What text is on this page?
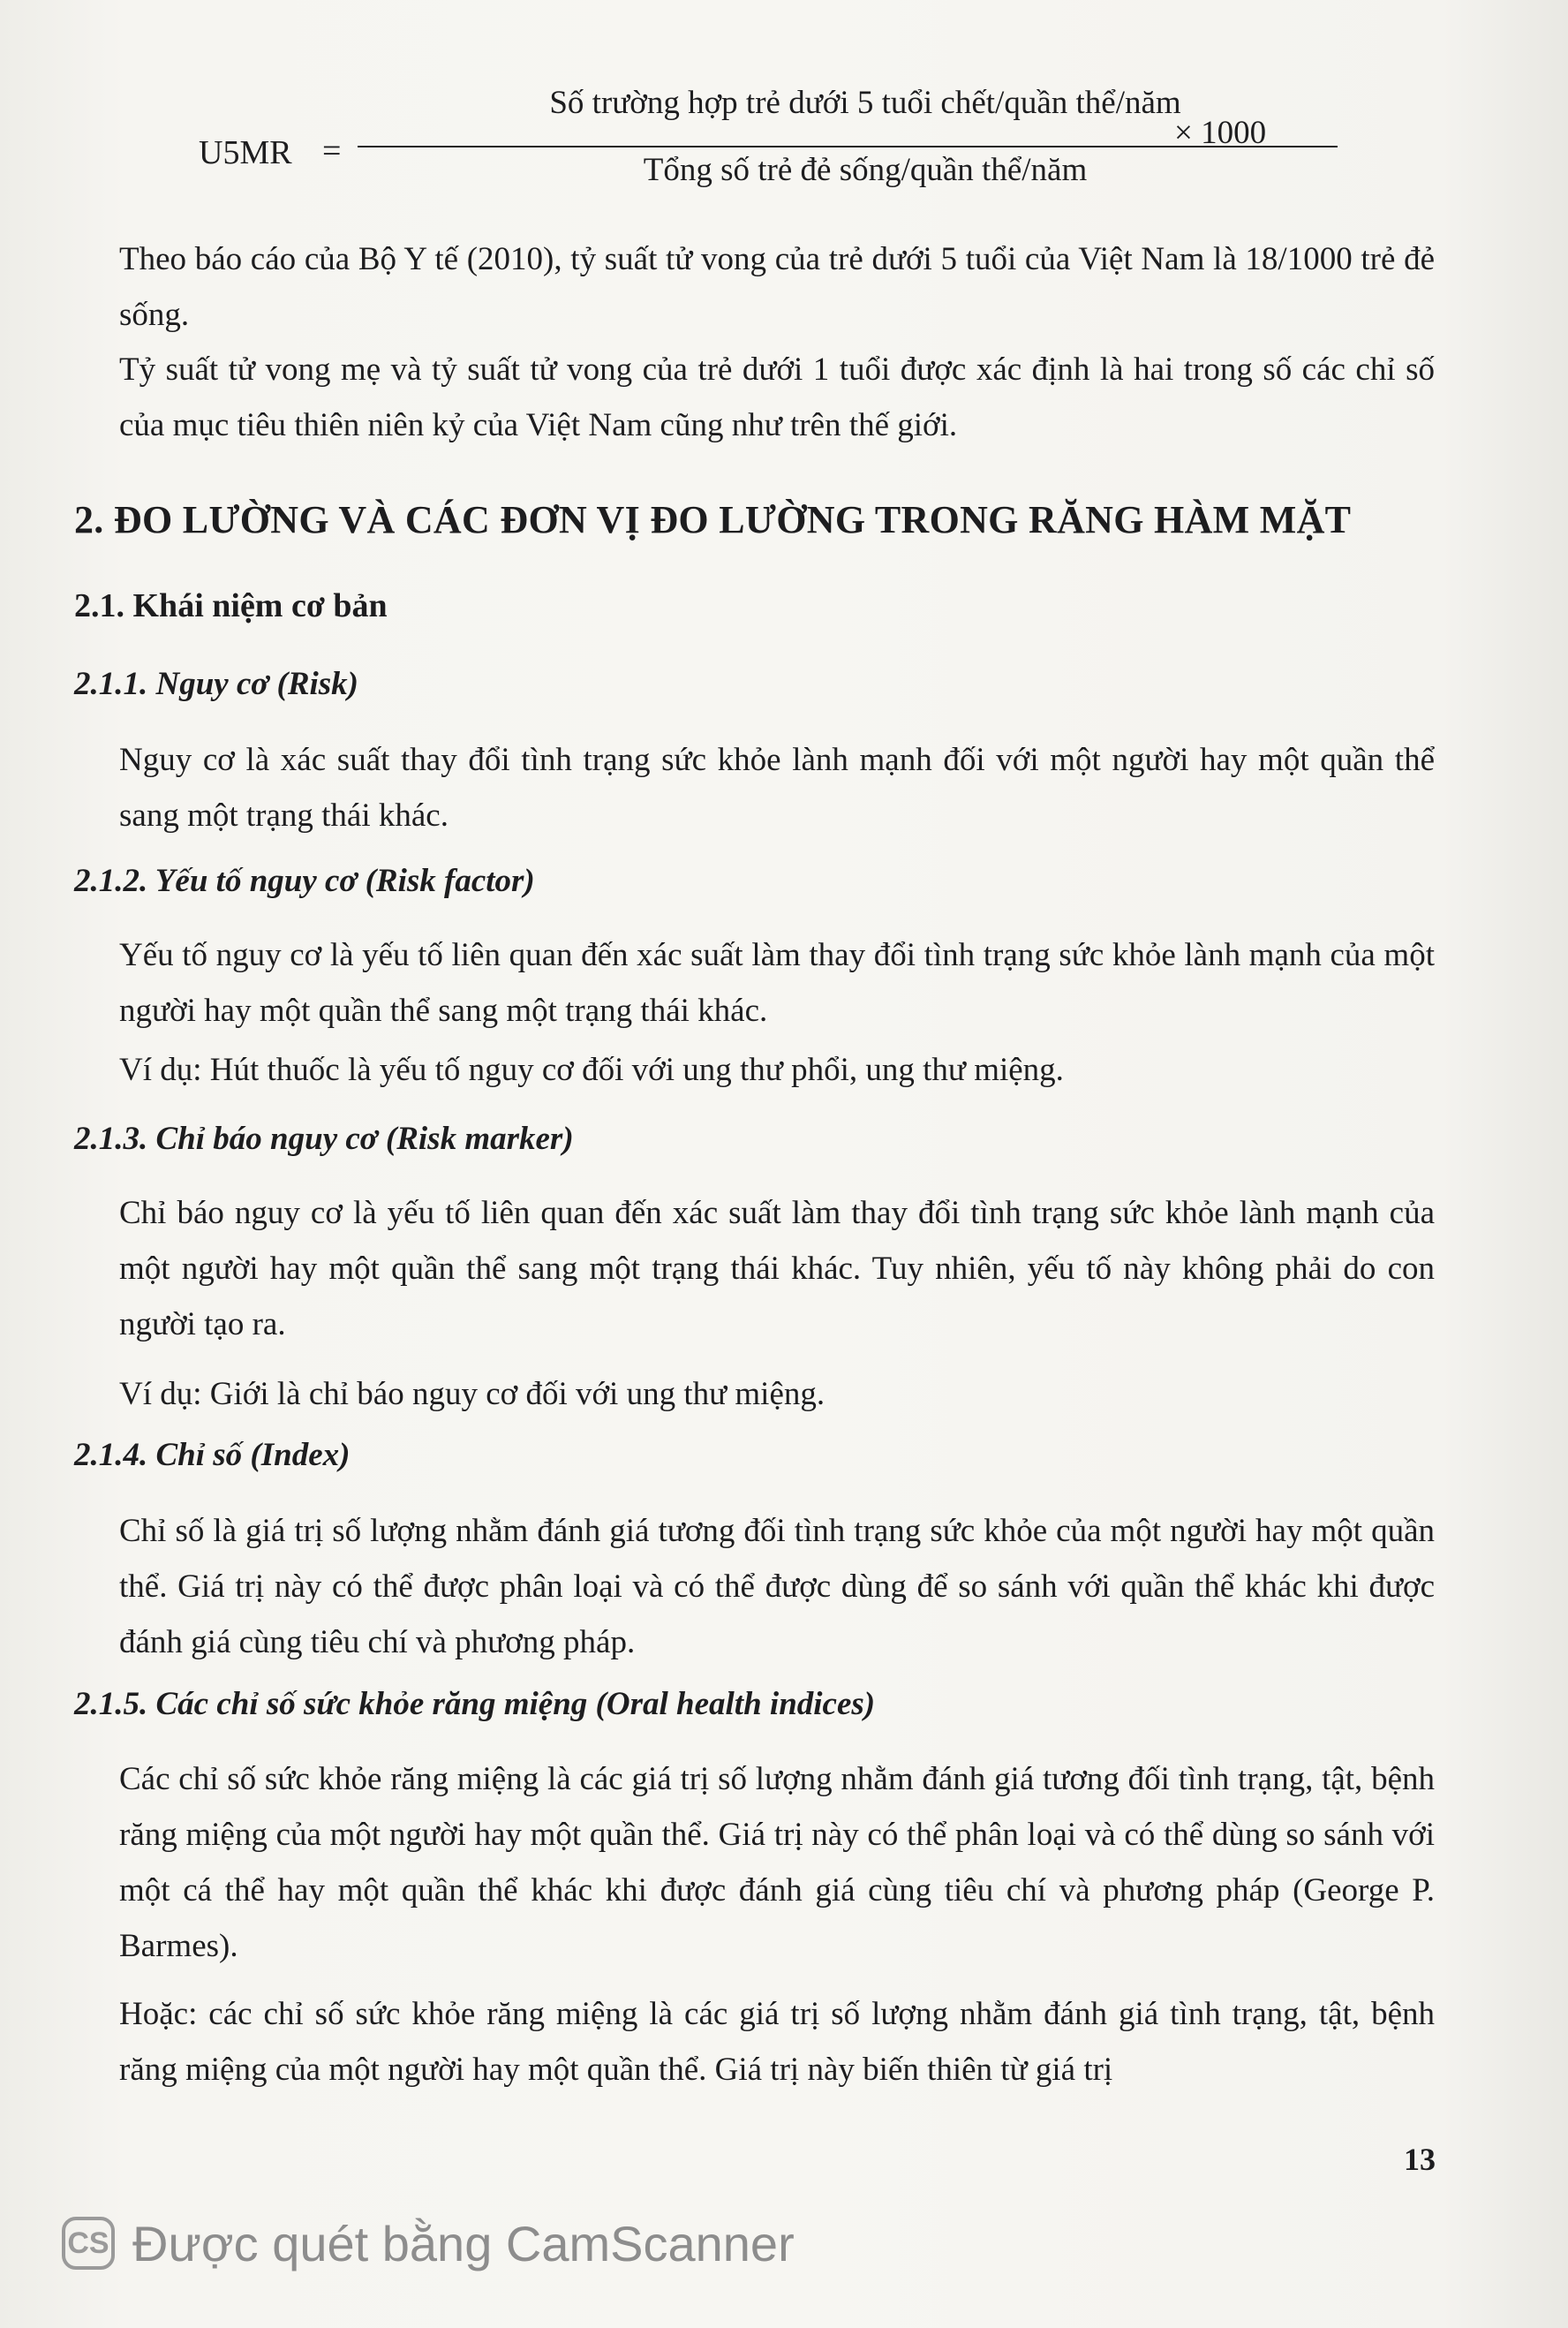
U5MR =
Số trường hợp trẻ dưới 5 tuổi chết/quần thể/năm
Tổng số trẻ đẻ sống/quần thể/năm
× 1000

Theo báo cáo của Bộ Y tế (2010), tỷ suất tử vong của trẻ dưới 5 tuổi của Việt Nam là 18/1000 trẻ đẻ sống.

Tỷ suất tử vong mẹ và tỷ suất tử vong của trẻ dưới 1 tuổi được xác định là hai trong số các chỉ số của mục tiêu thiên niên kỷ của Việt Nam cũng như trên thế giới.

2. ĐO LƯỜNG VÀ CÁC ĐƠN VỊ ĐO LƯỜNG TRONG RĂNG HÀM MẶT
2.1. Khái niệm cơ bản
2.1.1. Nguy cơ (Risk)

Nguy cơ là xác suất thay đổi tình trạng sức khỏe lành mạnh đối với một người hay một quần thể sang một trạng thái khác.

2.1.2. Yếu tố nguy cơ (Risk factor)

Yếu tố nguy cơ là yếu tố liên quan đến xác suất làm thay đổi tình trạng sức khỏe lành mạnh của một người hay một quần thể sang một trạng thái khác.

Ví dụ: Hút thuốc là yếu tố nguy cơ đối với ung thư phổi, ung thư miệng.

2.1.3. Chỉ báo nguy cơ (Risk marker)

Chỉ báo nguy cơ là yếu tố liên quan đến xác suất làm thay đổi tình trạng sức khỏe lành mạnh của một người hay một quần thể sang một trạng thái khác. Tuy nhiên, yếu tố này không phải do con người tạo ra.

Ví dụ: Giới là chỉ báo nguy cơ đối với ung thư miệng.

2.1.4. Chỉ số (Index)

Chỉ số là giá trị số lượng nhằm đánh giá tương đối tình trạng sức khỏe của một người hay một quần thể. Giá trị này có thể được phân loại và có thể được dùng để so sánh với quần thể khác khi được đánh giá cùng tiêu chí và phương pháp.

2.1.5. Các chỉ số sức khỏe răng miệng (Oral health indices)

Các chỉ số sức khỏe răng miệng là các giá trị số lượng nhằm đánh giá tương đối tình trạng, tật, bệnh răng miệng của một người hay một quần thể. Giá trị này có thể phân loại và có thể dùng so sánh với một cá thể hay một quần thể khác khi được đánh giá cùng tiêu chí và phương pháp (George P. Barmes).

Hoặc: các chỉ số sức khỏe răng miệng là các giá trị số lượng nhằm đánh giá tình trạng, tật, bệnh răng miệng của một người hay một quần thể. Giá trị này biến thiên từ giá trị

13
CS Được quét bằng CamScanner
